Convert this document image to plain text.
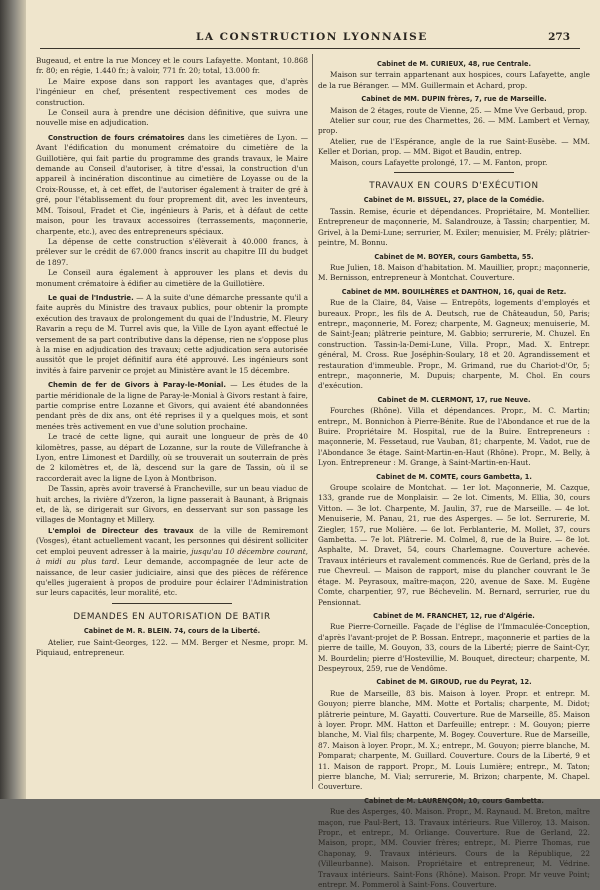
LA CONSTRUCTION LYONNAISE	273

Bugeaud, et entre la rue Moncey et le cours Lafayette. Montant, 10.868 fr. 80; en régie, 1.440 fr.; à valoir, 771 fr. 20; total, 13.000 fr.

Le Maire expose dans son rapport les avantages que, d'après l'ingénieur en chef, présentent respectivement ces modes de construction.

Le Conseil aura à prendre une décision définitive, que suivra une nouvelle mise en adjudication.

Construction de fours crématoires dans les cimetières de Lyon. — Avant l'édification du monument crématoire du cimetière de la Guillotière, qui fait partie du programme des grands travaux, le Maire demande au Conseil d'autoriser, à titre d'essai, la construction d'un appareil à incinération discontinue au cimetière de Loyasse ou de la Croix-Rousse, et, à cet effet, de l'autoriser également à traiter de gré à gré, pour l'établissement du four proprement dit, avec les inventeurs, MM. Toisoul, Fradet et Cie, ingénieurs à Paris, et à défaut de cette maison, pour les travaux accessoires (terrassements, maçonnerie, charpente, etc.), avec des entrepreneurs spéciaux.

La dépense de cette construction s'élèverait à 40.000 francs, à prélever sur le crédit de 67.000 francs inscrit au chapitre III du budget de 1897.

Le Conseil aura également à approuver les plans et devis du monument crématoire à édifier au cimetière de la Guillotière.

Le quai de l'Industrie. — A la suite d'une démarche pressante qu'il a faite auprès du Ministre des travaux publics, pour obtenir la prompte exécution des travaux de prolongement du quai de l'Industrie, M. Fleury Ravarin a reçu de M. Turrel avis que, la Ville de Lyon ayant effectué le versement de sa part contributive dans la dépense, rien ne s'oppose plus à la mise en adjudication des travaux; cette adjudication sera autorisée aussitôt que le projet définitif aura été approuvé. Les ingénieurs sont invités à faire parvenir ce projet au Ministère avant le 15 décembre.

Chemin de fer de Givors à Paray-le-Monial. — Les études de la partie méridionale de la ligne de Paray-le-Monial à Givors restant à faire, partie comprise entre Lozanne et Givors, qui avaient été abandonnées pendant près de dix ans, ont été reprises il y a quelques mois, et sont menées très activement en vue d'une solution prochaine.

Le tracé de cette ligne, qui aurait une longueur de près de 40 kilomètres, passe, au départ de Lozanne, sur la route de Villefranche à Lyon, entre Limonest et Dardilly, où se trouverait un souterrain de près de 2 kilomètres et, de là, descend sur la gare de Tassin, où il se raccorderait avec la ligne de Lyon à Montbrison.

De Tassin, après avoir traversé à Francheville, sur un beau viaduc de huit arches, la rivière d'Yzeron, la ligne passerait à Baunant, à Brignais et, de là, se dirigerait sur Givors, en desservant sur son passage les villages de Montagny et Millery.

L'emploi de Directeur des travaux de la ville de Remiremont (Vosges), étant actuellement vacant, les personnes qui désirent solliciter cet emploi peuvent adresser à la mairie, jusqu'au 10 décembre courant, à midi au plus tard. Leur demande, accompagnée de leur acte de naissance, de leur casier judiciaire, ainsi que des pièces de référence qu'elles jugeraient à propos de produire pour éclairer l'Administration sur leurs capacités, leur moralité, etc.

DEMANDES EN AUTORISATION DE BATIR
Cabinet de M. R. BLEIN. 74, cours de la Liberté.

Atelier, rue Saint-Georges, 122. — MM. Berger et Nesme, propr. M. Piquiaud, entrepreneur.

Cabinet de M. CURIEUX, 48, rue Centrale.

Maison sur terrain appartenant aux hospices, cours Lafayette, angle de la rue Béranger. — MM. Guillermain et Achard, prop.

Cabinet de MM. DUPIN frères, 7, rue de Marseille.

Maison de 2 étages, route de Vienne, 25. — Mme Vve Gerbaud, prop.

Atelier sur cour, rue des Charmettes, 26. — MM. Lambert et Vernay, prop.

Atelier, rue de l'Espérance, angle de la rue Saint-Eusèbe. — MM. Keller et Dorian, prop. — MM. Bigot et Baudin, entrep.

Maison, cours Lafayette prolongé, 17. — M. Fanton, propr.

TRAVAUX EN COURS D'EXÉCUTION
Cabinet de M. BISSUEL, 27, place de la Comédie.

Tassin. Remise, écurie et dépendances. Propriétaire, M. Montellier. Entrepreneur de maçonnerie, M. Salandrouze, à Tassin; charpentier, M. Grivel, à la Demi-Lune; serrurier, M. Exiler; menuisier, M. Frély; plâtrier-peintre, M. Bonnu.

Cabinet de M. BOYER, cours Gambetta, 55.

Rue Julien, 18. Maison d'habitation. M. Mauillier, propr.; maçonnerie, M. Bernisson, entrepreneur à Montchat. Couverture.

Cabinet de MM. BOUILHÈRES et DANTHON, 16, quai de Retz.

Rue de la Claire, 84, Vaise — Entrepôts, logements d'employés et bureaux. Propr., les fils de A. Deutsch, rue de Châteaudun, 50, Paris; entrepr., maçonnerie, M. Forez; charpente, M. Gagneux; menuiserie, M. de Saint-Jean; plâtrerie peinture, M. Gabbio; serrurerie, M. Chuzel. En construction. Tassin-la-Demi-Lune, Villa. Propr., Mad. X. Entrepr. général, M. Cross. Rue Joséphin-Soulary, 18 et 20. Agrandissement et restauration d'immeuble. Propr., M. Grimand, rue du Chariot-d'Or, 5; entrepr., maçonnerie, M. Dupuis; charpente, M. Chol. En cours d'exécution.

Cabinet de M. CLERMONT, 17, rue Neuve.

Fourches (Rhône). Villa et dépendances. Propr., M. C. Martin; entrepr., M. Bonnichon à Pierre-Bénite. Rue de l'Abondance et rue de la Buire. Propriétaire M. Hospital, rue de la Buire. Entrepreneurs : maçonnerie, M. Fessetaud, rue Vauban, 81; charpente, M. Vadot, rue de l'Abondance 3e étage. Saint-Martin-en-Haut (Rhône). Propr., M. Belly, à Lyon. Entrepreneur : M. Grange, à Saint-Martin-en-Haut.

Cabinet de M. COMTE, cours Gambetta, 1.

Groupe scolaire de Montchat. — 1er lot. Maçonnerie, M. Cazque, 133, grande rue de Monplaisir. — 2e lot. Ciments, M. Ellia, 30, cours Vitton. — 3e lot. Charpente, M. Jaulin, 37, rue de Marseille. — 4e lot. Menuiserie, M. Panau, 21, rue des Asperges. — 5e lot. Serrurerie, M. Ziegler, 157, rue Molière. — 6e lot. Ferblanterie, M. Mollet, 37, cours Gambetta. — 7e lot. Plâtrerie. M. Colmel, 8, rue de la Buire. — 8e lot. Asphalte, M. Dravet, 54, cours Charlemagne. Couverture achevée. Travaux intérieurs et ravalement commencés. Rue de Gerland, près de la rue Chevreul. — Maison de rapport, mise du plancher couvrant le 3e étage. M. Peyrasoux, maître-maçon, 220, avenue de Saxe. M. Eugène Comte, charpentier, 97, rue Béchevelin. M. Bernard, serrurier, rue du Pensionnat.

Cabinet de M. FRANCHET, 12, rue d'Algérie.

Rue Pierre-Corneille. Façade de l'église de l'Immaculée-Conception, d'après l'avant-projet de P. Bossan. Entrepr., maçonnerie et parties de la pierre de taille, M. Gouyon, 33, cours de la Liberté; pierre de Saint-Cyr, M. Bourdelin; pierre d'Hostevillie, M. Bouquet, directeur; charpente, M. Despeyroux, 259, rue de Vendôme.

Cabinet de M. GIROUD, rue du Peyrat, 12.

Rue de Marseille, 83 bis. Maison à loyer. Propr. et entrepr. M. Gouyon; pierre blanche, MM. Motte et Portalis; charpente, M. Didot; plâtrerie peinture, M. Gayatti. Couverture. Rue de Marseille, 85. Maison à loyer. Propr. MM. Hatton et Darfeuille; entrepr. : M. Gouyon; pierre blanche, M. Vial fils; charpente, M. Bogey. Couverture. Rue de Marseille, 87. Maison à loyer. Propr., M. X.; entrepr., M. Gouyon; pierre blanche, M. Pomparat; charpente, M. Guillard. Couverture. Cours de la Liberté, 9 et 11. Maison de rapport. Propr., M. Louis Lumière; entrepr., M. Taton; pierre blanche, M. Vial; serrurerie, M. Brizon; charpente, M. Chapel. Couverture.

Cabinet de M. LAURENÇON, 10, cours Gambetta.

Rue des Asperges, 40. Maison. Propr., M. Raynaud. M. Breton, maître maçon, rue Paul-Bert, 13. Travaux intérieurs. Rue Villeroy, 13. Maison. Propr., et entrepr., M. Orliange. Couverture. Rue de Gerland, 22. Maison, propr., MM. Couvier frères; entrepr., M. Pierre Thomas, rue Chaponay, 9. Travaux intérieurs. Cours de la République, 22 (Villeurbanne). Maison. Propriétaire et entrepreneur, M. Védrine. Travaux intérieurs. Saint-Fons (Rhône). Maison. Propr. Mr veuve Point; entrepr. M. Pommerol à Saint-Fons. Couverture.
